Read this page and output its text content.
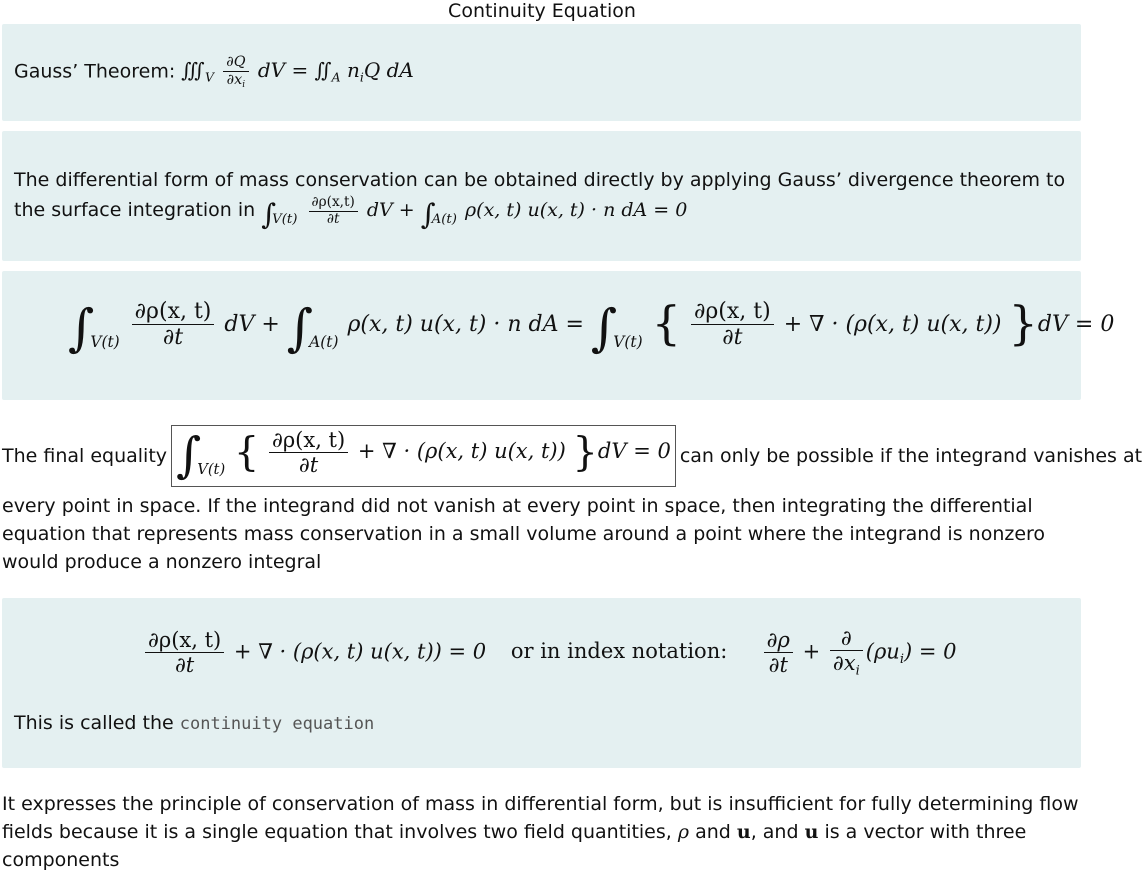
Continuity Equation
Gauss’ Theorem: $∭_V \frac{\partial Q}{\partial x_i}$ dV = $∬_A$ $n_iQ$ dA
The differential form of mass conservation can be obtained directly by applying Gauss’ divergence theorem to the surface integration in $\int_{V(t)} \frac{\partial\rho(x,t)}{\partial t}$ dV + $\int_{A(t)}$ ρ(x, t) u(x, t) · n dA = 0
$\int_{V(t)} \frac{\partial\rho(x, t)}{\partial t}$ dV + $\int_{A(t)}$ ρ(x, t) u(x, t) · n dA = $\int_{V(t)}$ { $\frac{\partial\rho(x, t)}{\partial t}$ + ∇ · (ρ(x, t) u(x, t)) }dV = 0
The final equality $\int_{V(t)}$ { $\frac{\partial\rho(x, t)}{\partial t}$ + ∇ · (ρ(x, t) u(x, t)) }dV = 0 can only be possible if the integrand vanishes at
every point in space. If the integrand did not vanish at every point in space, then integrating the differential equation that represents mass conservation in a small volume around a point where the integrand is nonzero would produce a nonzero integral
$\frac{\partial\rho(x, t)}{\partial t}$ + ∇ · (ρ(x, t) u(x, t)) = 0 or in index notation: $\frac{\partial\rho}{\partial t} + \frac{\partial}{\partial x_i} (\rho u_i) = 0$
This is called the continuity equation
It expresses the principle of conservation of mass in differential form, but is insufficient for fully determining flow fields because it is a single equation that involves two field quantities, ρ and u, and u is a vector with three components
